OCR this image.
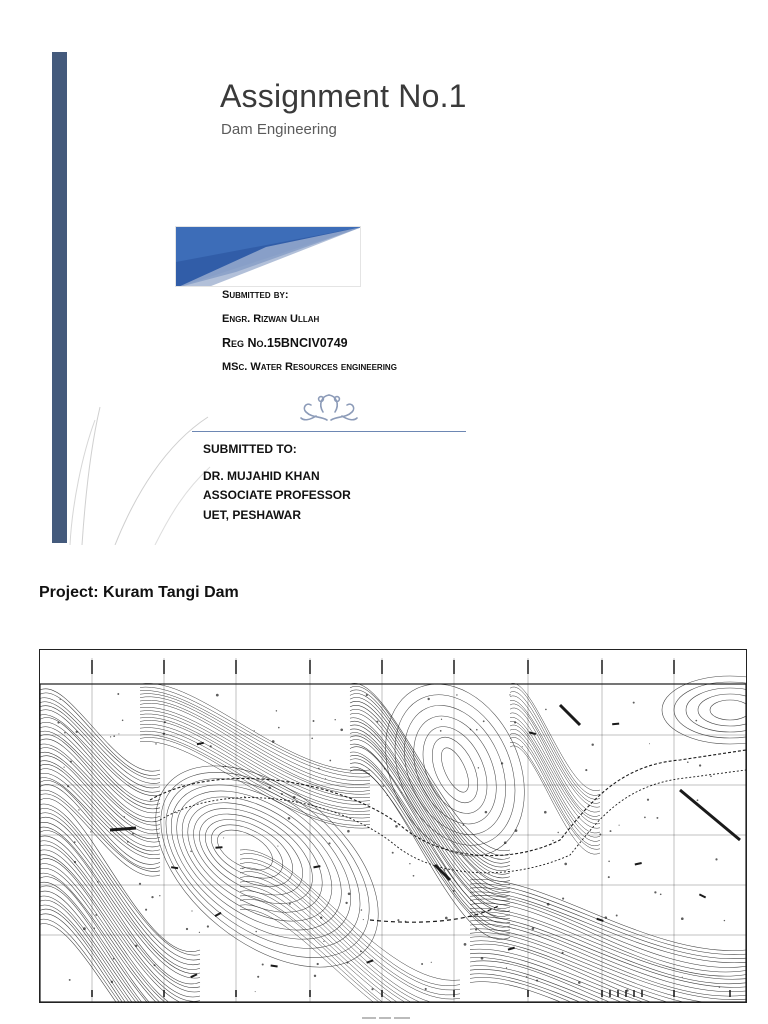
Assignment No.1
Dam Engineering
Submitted by:
Engr. Rizwan Ullah
Reg No.15BNCIV0749
MSc. Water Resources engineering
SUBMITTED TO:
DR. MUJAHID KHAN
ASSOCIATE PROFESSOR
UET, PESHAWAR
Project: Kuram Tangi Dam
